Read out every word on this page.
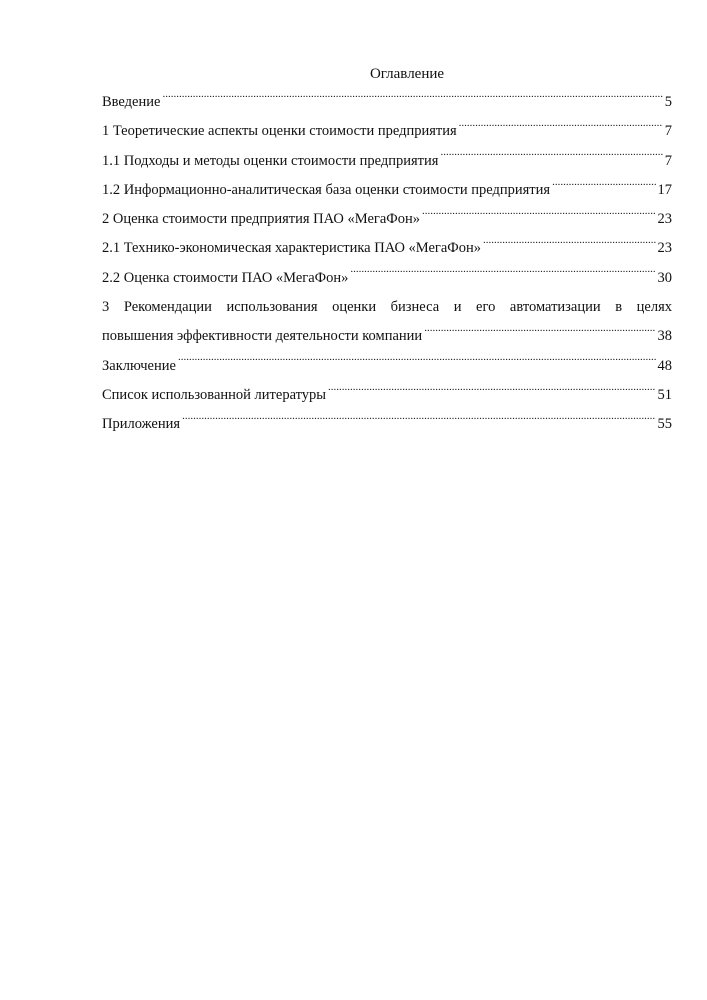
Оглавление
Введение .....	5
1 Теоретические аспекты оценки стоимости предприятия .....	7
1.1 Подходы и методы оценки стоимости предприятия .....	7
1.2 Информационно-аналитическая база оценки стоимости предприятия .....	17
2 Оценка стоимости предприятия ПАО «МегаФон» .....	23
2.1 Технико-экономическая характеристика ПАО «МегаФон» .....	23
2.2 Оценка стоимости ПАО «МегаФон» .....	30
3 Рекомендации использования оценки бизнеса и его автоматизации в целях
повышения эффективности деятельности компании .....	38
Заключение .....	48
Список использованной литературы .....	51
Приложения .....	55
